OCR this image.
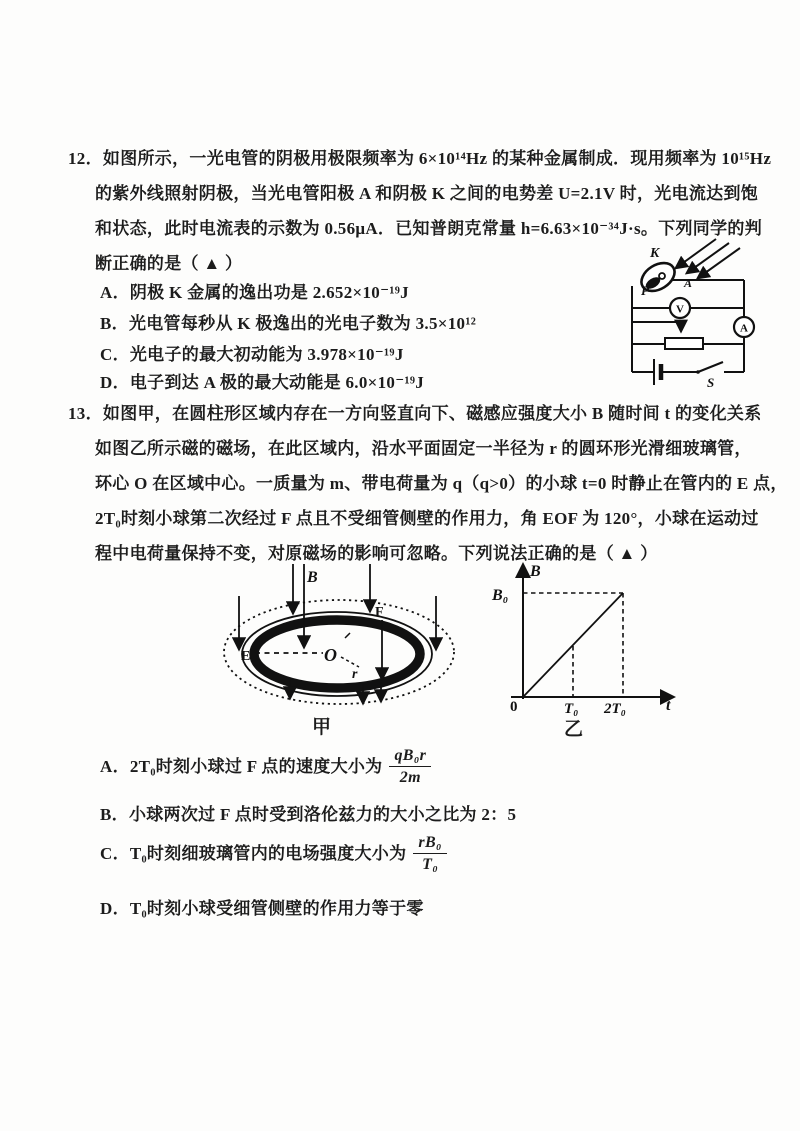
12．如图所示，一光电管的阴极用极限频率为 6×10¹⁴Hz 的某种金属制成．现用频率为 10¹⁵Hz
的紫外线照射阴极，当光电管阳极 A 和阴极 K 之间的电势差 U=2.1V 时，光电流达到饱
和状态，此时电流表的示数为 0.56μA．已知普朗克常量 h=6.63×10⁻³⁴J·s。下列同学的判
断正确的是（ ▲ ）
A．阴极 K 金属的逸出功是 2.652×10⁻¹⁹J
B．光电管每秒从 K 极逸出的光电子数为 3.5×10¹²
C．光电子的最大初动能为 3.978×10⁻¹⁹J
D．电子到达 A 极的最大动能是 6.0×10⁻¹⁹J
V
A
K
P	A
S
13．如图甲，在圆柱形区域内存在一方向竖直向下、磁感应强度大小 B 随时间 t 的变化关系
如图乙所示磁的磁场，在此区域内，沿水平面固定一半径为 r 的圆环形光滑细玻璃管，
环心 O 在区域中心。一质量为 m、带电荷量为 q（q>0）的小球 t=0 时静止在管内的 E 点，
2T₀时刻小球第二次经过 F 点且不受细管侧壁的作用力，角 EOF 为 120°，小球在运动过
程中电荷量保持不变，对原磁场的影响可忽略。下列说法正确的是（ ▲ ）
B
E
F
O
r
甲
B
B₀
0	T₀ 2T₀	t
乙
A．2T₀时刻小球过 F 点的速度大小为 $\frac{\text{qB₀r}}{2m}$
B．小球两次过 F 点时受到洛伦兹力的大小之比为 2：5
C．T₀时刻细玻璃管内的电场强度大小为 $\frac{\text{rB₀}}{\text{T₀}}$
D．T₀时刻小球受细管侧壁的作用力等于零
